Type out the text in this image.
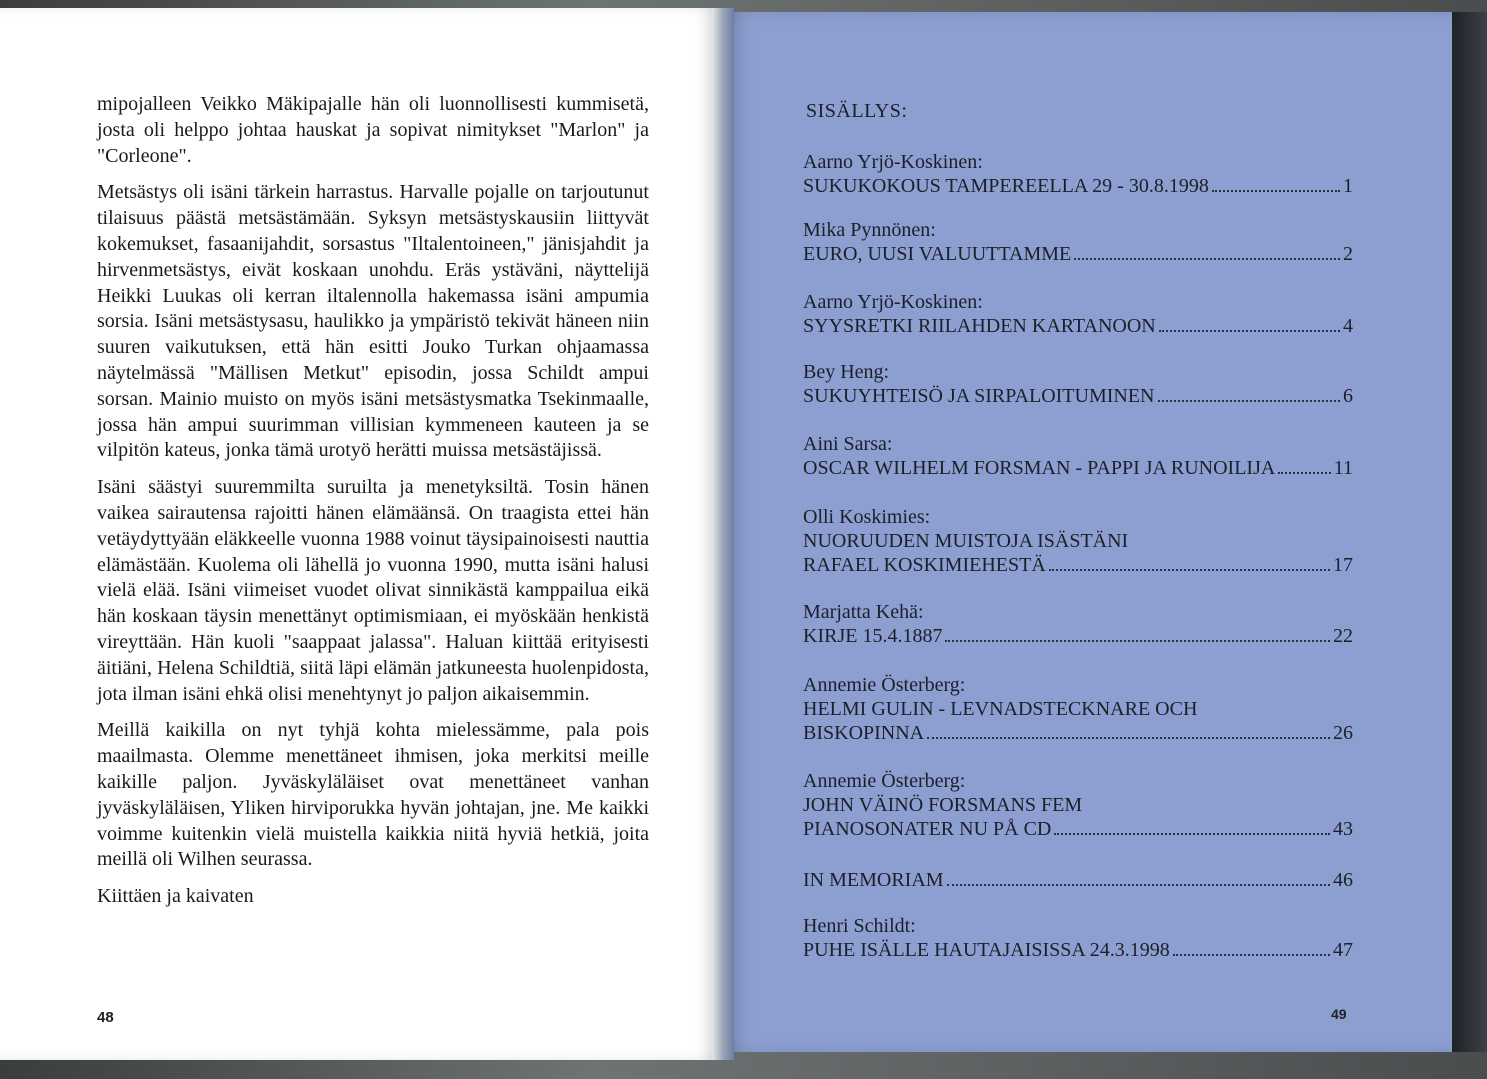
mipojalleen Veikko Mäkipajalle hän oli luonnollisesti kummisetä, josta oli helppo johtaa hauskat ja sopivat nimitykset "Marlon" ja "Corleone".

Metsästys oli isäni tärkein harrastus. Harvalle pojalle on tarjoutunut tilaisuus päästä metsästämään. Syksyn metsästyskausiin liittyvät kokemukset, fasaanijahdit, sorsastus "Iltalentoineen," jänisjahdit ja hirvenmetsästys, eivät koskaan unohdu. Eräs ystäväni, näyttelijä Heikki Luukas oli kerran iltalennolla hakemassa isäni ampumia sorsia. Isäni metsästysasu, haulikko ja ympäristö tekivät häneen niin suuren vaikutuksen, että hän esitti Jouko Turkan ohjaamassa näytelmässä "Mällisen Metkut" episodin, jossa Schildt ampui sorsan. Mainio muisto on myös isäni metsästysmatka Tsekinmaalle, jossa hän ampui suurimman villisian kymmeneen kauteen ja se vilpitön kateus, jonka tämä urotyö herätti muissa metsästäjissä.

Isäni säästyi suuremmilta suruilta ja menetyksiltä. Tosin hänen vaikea sairautensa rajoitti hänen elämäänsä. On traagista ettei hän vetäydyttyään eläkkeelle vuonna 1988 voinut täysipainoisesti nauttia elämästään. Kuolema oli lähellä jo vuonna 1990, mutta isäni halusi vielä elää. Isäni viimeiset vuodet olivat sinnikästä kamppailua eikä hän koskaan täysin menettänyt optimismiaan, ei myöskään henkistä vireyttään. Hän kuoli "saappaat jalassa". Haluan kiittää erityisesti äitiäni, Helena Schildtiä, siitä läpi elämän jatkuneesta huolenpidosta, jota ilman isäni ehkä olisi menehtynyt jo paljon aikaisemmin.

Meillä kaikilla on nyt tyhjä kohta mielessämme, pala pois maailmasta. Olemme menettäneet ihmisen, joka merkitsi meille kaikille paljon. Jyväskyläläiset ovat menettäneet vanhan jyväskyläläisen, Yliken hirviporukka hyvän johtajan, jne. Me kaikki voimme kuitenkin vielä muistella kaikkia niitä hyviä hetkiä, joita meillä oli Wilhen seurassa.

Kiittäen ja kaivaten

48	49
SISÄLLYS:
Aarno Yrjö-Koskinen:
SUKUKOKOUS TAMPEREELLA 29 - 30.8.1998	1
Mika Pynnönen:
EURO, UUSI VALUUTTAMME	2
Aarno Yrjö-Koskinen:
SYYSRETKI RIILAHDEN KARTANOON	4
Bey Heng:
SUKUYHTEISÖ JA SIRPALOITUMINEN	6
Aini Sarsa:
OSCAR WILHELM FORSMAN - PAPPI JA RUNOILIJA	11
Olli Koskimies:
NUORUUDEN MUISTOJA ISÄSTÄNI
RAFAEL KOSKIMIEHESTÄ	17
Marjatta Kehä:
KIRJE 15.4.1887	22
Annemie Österberg:
HELMI GULIN - LEVNADSTECKNARE OCH
BISKOPINNA	26
Annemie Österberg:
JOHN VÄINÖ FORSMANS FEM
PIANOSONATER NU PÅ CD	43
IN MEMORIAM	46
Henri Schildt:
PUHE ISÄLLE HAUTAJAISISSA 24.3.1998	47
